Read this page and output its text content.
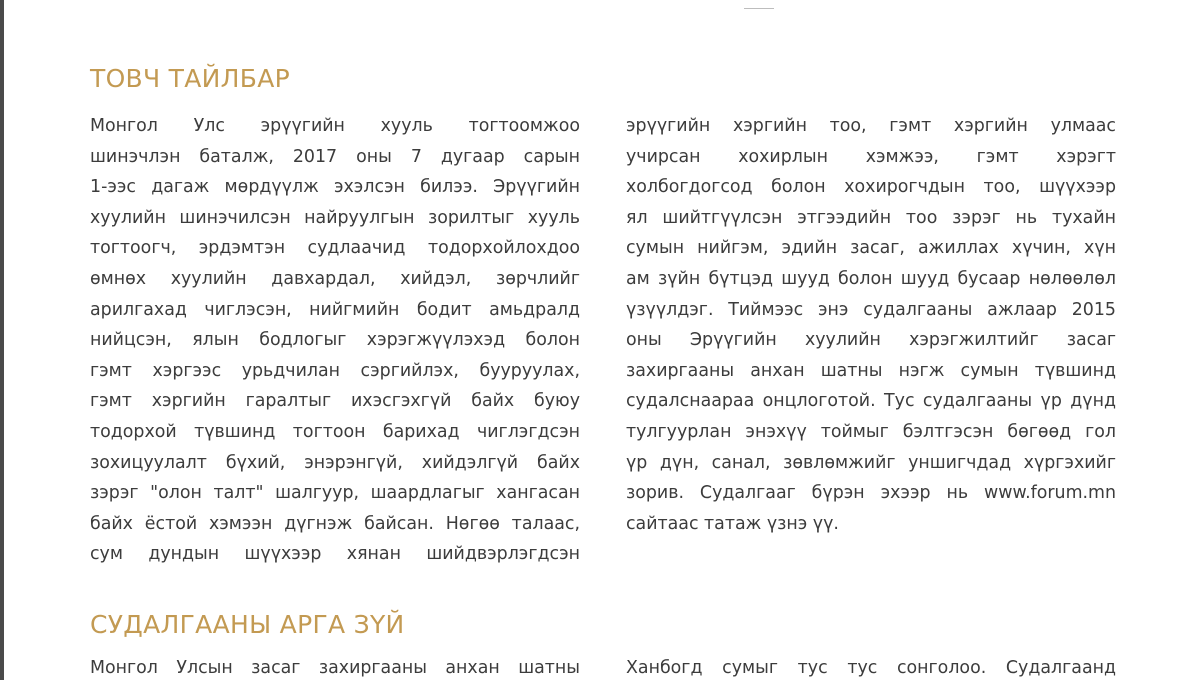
ТОВЧ ТАЙЛБАР
Монгол Улс эрүүгийн хууль тогтоомжоо
шинэчлэн баталж, 2017 оны 7 дугаар сарын
1-ээс дагаж мөрдүүлж эхэлсэн билээ. Эрүүгийн
хуулийн шинэчилсэн найруулгын зорилтыг хууль
тогтоогч, эрдэмтэн судлаачид тодорхойлохдоо
өмнөх хуулийн давхардал, хийдэл, зөрчлийг
арилгахад чиглэсэн, нийгмийн бодит амьдралд
нийцсэн, ялын бодлогыг хэрэгжүүлэхэд болон
гэмт хэргээс урьдчилан сэргийлэх, бууруулах,
гэмт хэргийн гаралтыг ихэсгэхгүй байх буюу
тодорхой түвшинд тогтоон барихад чиглэгдсэн
зохицуулалт бүхий, энэрэнгүй, хийдэлгүй байх
зэрэг "олон талт" шалгуур, шаардлагыг хангасан
байх ёстой хэмээн дүгнэж байсан. Нөгөө талаас,
сум дундын шүүхээр хянан шийдвэрлэгдсэн
эрүүгийн хэргийн тоо, гэмт хэргийн улмаас
учирсан хохирлын хэмжээ, гэмт хэрэгт
холбогдогсод болон хохирогчдын тоо, шүүхээр
ял шийтгүүлсэн этгээдийн тоо зэрэг нь тухайн
сумын нийгэм, эдийн засаг, ажиллах хүчин, хүн
ам зүйн бүтцэд шууд болон шууд бусаар нөлөөлөл
үзүүлдэг. Тиймээс энэ судалгааны ажлаар 2015
оны Эрүүгийн хуулийн хэрэгжилтийг засаг
захиргааны анхан шатны нэгж сумын түвшинд
судалснаараа онцлоготой. Тус судалгааны үр дүнд
тулгуурлан энэхүү тоймыг бэлтгэсэн бөгөөд гол
үр дүн, санал, зөвлөмжийг уншигчдад хүргэхийг
зорив. Судалгааг бүрэн эхээр нь www.forum.mn
сайтаас татаж үзнэ үү.
СУДАЛГААНЫ АРГА ЗҮЙ
Монгол Улсын засаг захиргааны анхан шатны	Ханбогд сумыг тус тус сонголоо. Судалгаанд
